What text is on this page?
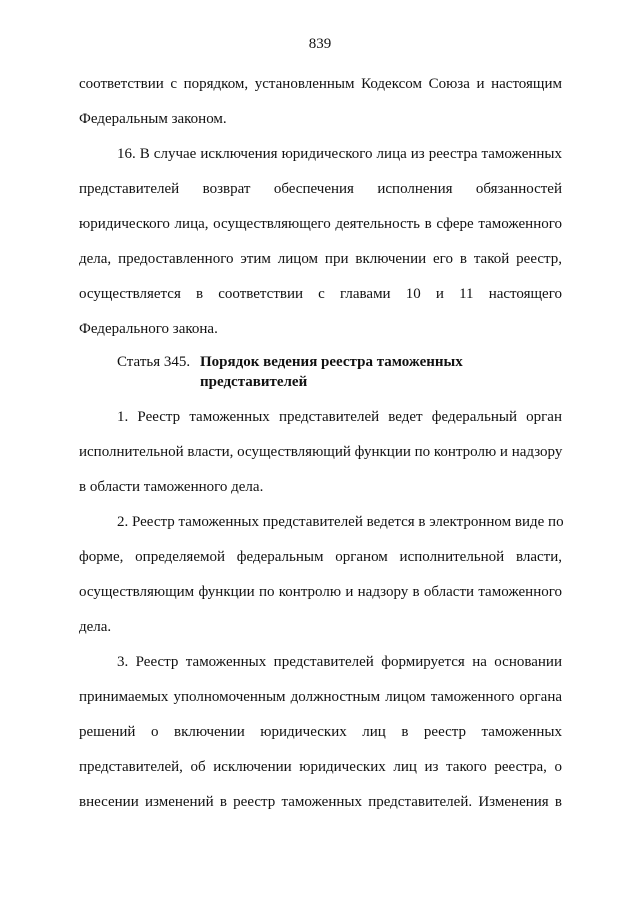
839
соответствии с порядком, установленным Кодексом Союза и настоящим
Федеральным законом.
16. В случае исключения юридического лица из реестра таможенных
представителей возврат обеспечения исполнения обязанностей
юридического лица, осуществляющего деятельность в сфере таможенного
дела, предоставленного этим лицом при включении его в такой реестр,
осуществляется в соответствии с главами 10 и 11 настоящего
Федерального закона.
Статья 345. Порядок ведения реестра таможенных
представителей
1. Реестр таможенных представителей ведет федеральный орган
исполнительной власти, осуществляющий функции по контролю и надзору
в области таможенного дела.
2. Реестр таможенных представителей ведется в электронном виде по
форме, определяемой федеральным органом исполнительной власти,
осуществляющим функции по контролю и надзору в области таможенного
дела.
3. Реестр таможенных представителей формируется на основании
принимаемых уполномоченным должностным лицом таможенного органа
решений о включении юридических лиц в реестр таможенных
представителей, об исключении юридических лиц из такого реестра, о
внесении изменений в реестр таможенных представителей. Изменения в
